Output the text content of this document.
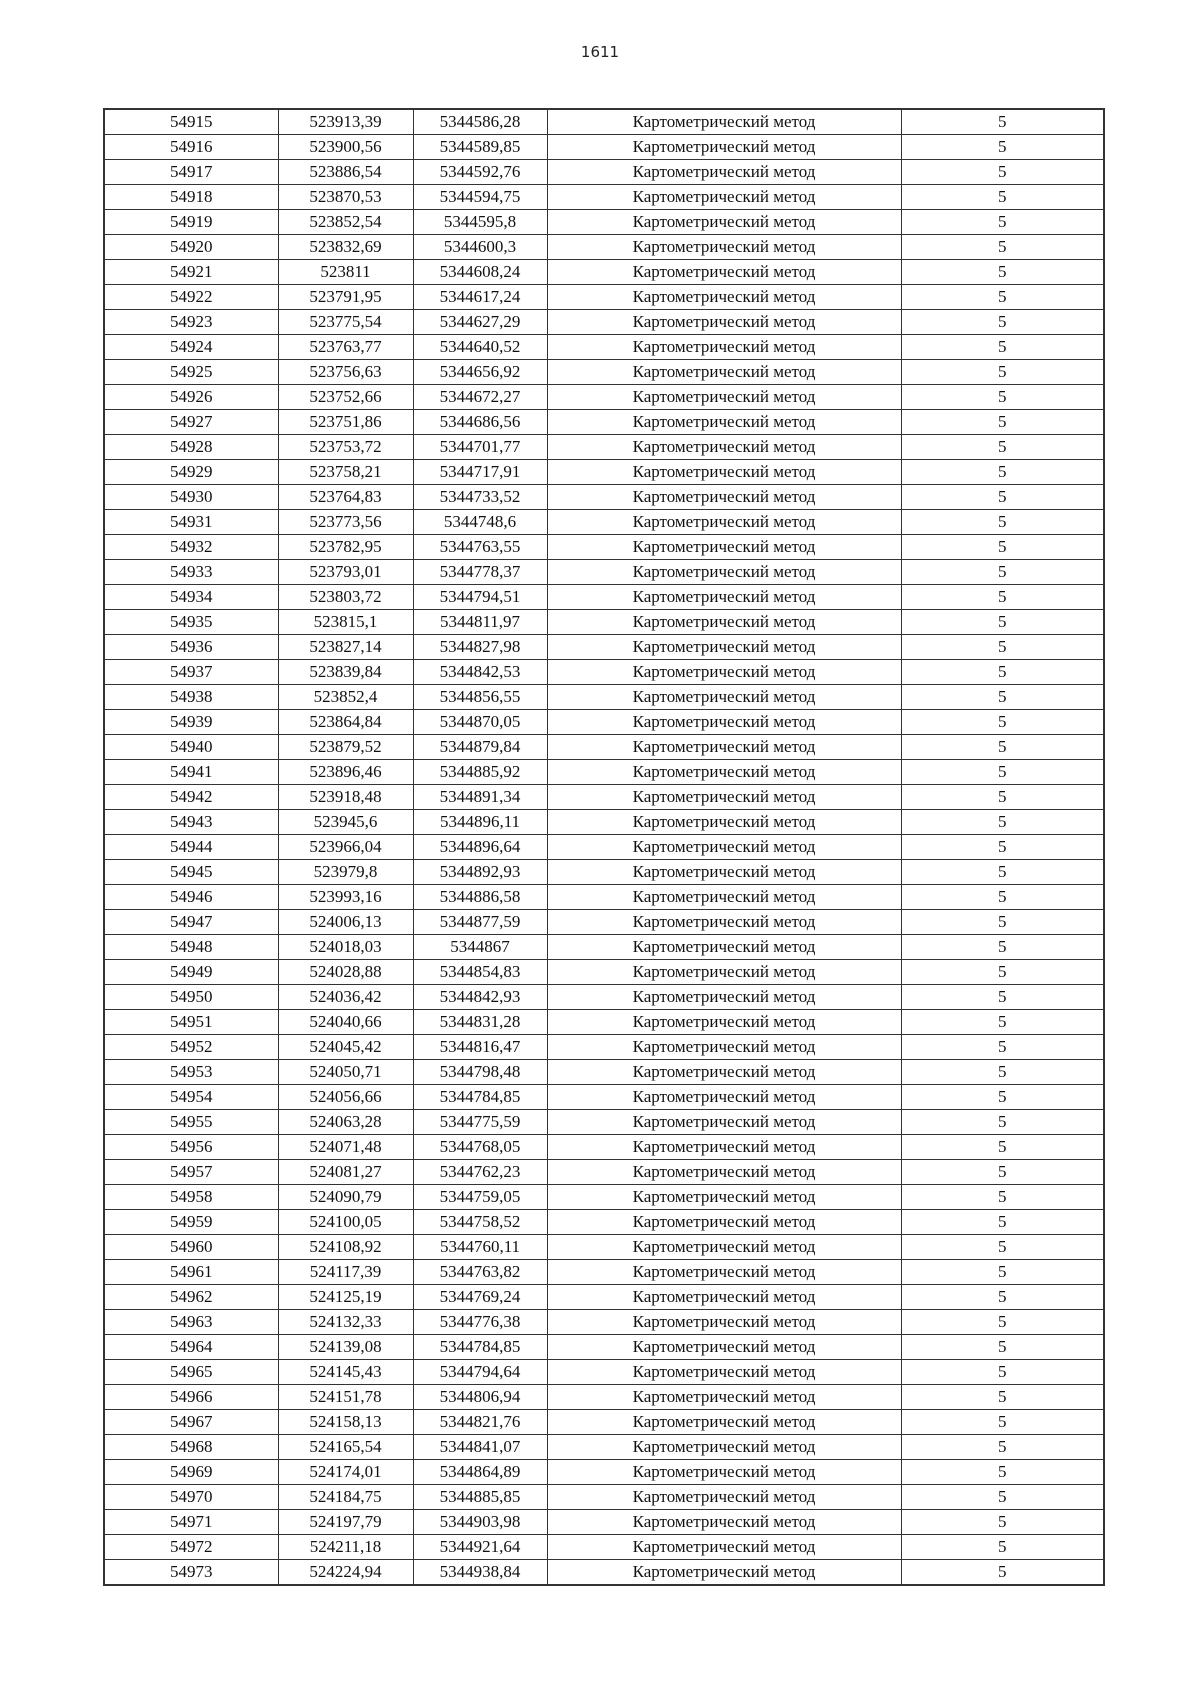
1611
54915	523913,39	5344586,28	Картометрический метод	5
54916	523900,56	5344589,85	Картометрический метод	5
54917	523886,54	5344592,76	Картометрический метод	5
54918	523870,53	5344594,75	Картометрический метод	5
54919	523852,54	5344595,8	Картометрический метод	5
54920	523832,69	5344600,3	Картометрический метод	5
54921	523811	5344608,24	Картометрический метод	5
54922	523791,95	5344617,24	Картометрический метод	5
54923	523775,54	5344627,29	Картометрический метод	5
54924	523763,77	5344640,52	Картометрический метод	5
54925	523756,63	5344656,92	Картометрический метод	5
54926	523752,66	5344672,27	Картометрический метод	5
54927	523751,86	5344686,56	Картометрический метод	5
54928	523753,72	5344701,77	Картометрический метод	5
54929	523758,21	5344717,91	Картометрический метод	5
54930	523764,83	5344733,52	Картометрический метод	5
54931	523773,56	5344748,6	Картометрический метод	5
54932	523782,95	5344763,55	Картометрический метод	5
54933	523793,01	5344778,37	Картометрический метод	5
54934	523803,72	5344794,51	Картометрический метод	5
54935	523815,1	5344811,97	Картометрический метод	5
54936	523827,14	5344827,98	Картометрический метод	5
54937	523839,84	5344842,53	Картометрический метод	5
54938	523852,4	5344856,55	Картометрический метод	5
54939	523864,84	5344870,05	Картометрический метод	5
54940	523879,52	5344879,84	Картометрический метод	5
54941	523896,46	5344885,92	Картометрический метод	5
54942	523918,48	5344891,34	Картометрический метод	5
54943	523945,6	5344896,11	Картометрический метод	5
54944	523966,04	5344896,64	Картометрический метод	5
54945	523979,8	5344892,93	Картометрический метод	5
54946	523993,16	5344886,58	Картометрический метод	5
54947	524006,13	5344877,59	Картометрический метод	5
54948	524018,03	5344867	Картометрический метод	5
54949	524028,88	5344854,83	Картометрический метод	5
54950	524036,42	5344842,93	Картометрический метод	5
54951	524040,66	5344831,28	Картометрический метод	5
54952	524045,42	5344816,47	Картометрический метод	5
54953	524050,71	5344798,48	Картометрический метод	5
54954	524056,66	5344784,85	Картометрический метод	5
54955	524063,28	5344775,59	Картометрический метод	5
54956	524071,48	5344768,05	Картометрический метод	5
54957	524081,27	5344762,23	Картометрический метод	5
54958	524090,79	5344759,05	Картометрический метод	5
54959	524100,05	5344758,52	Картометрический метод	5
54960	524108,92	5344760,11	Картометрический метод	5
54961	524117,39	5344763,82	Картометрический метод	5
54962	524125,19	5344769,24	Картометрический метод	5
54963	524132,33	5344776,38	Картометрический метод	5
54964	524139,08	5344784,85	Картометрический метод	5
54965	524145,43	5344794,64	Картометрический метод	5
54966	524151,78	5344806,94	Картометрический метод	5
54967	524158,13	5344821,76	Картометрический метод	5
54968	524165,54	5344841,07	Картометрический метод	5
54969	524174,01	5344864,89	Картометрический метод	5
54970	524184,75	5344885,85	Картометрический метод	5
54971	524197,79	5344903,98	Картометрический метод	5
54972	524211,18	5344921,64	Картометрический метод	5
54973	524224,94	5344938,84	Картометрический метод	5
